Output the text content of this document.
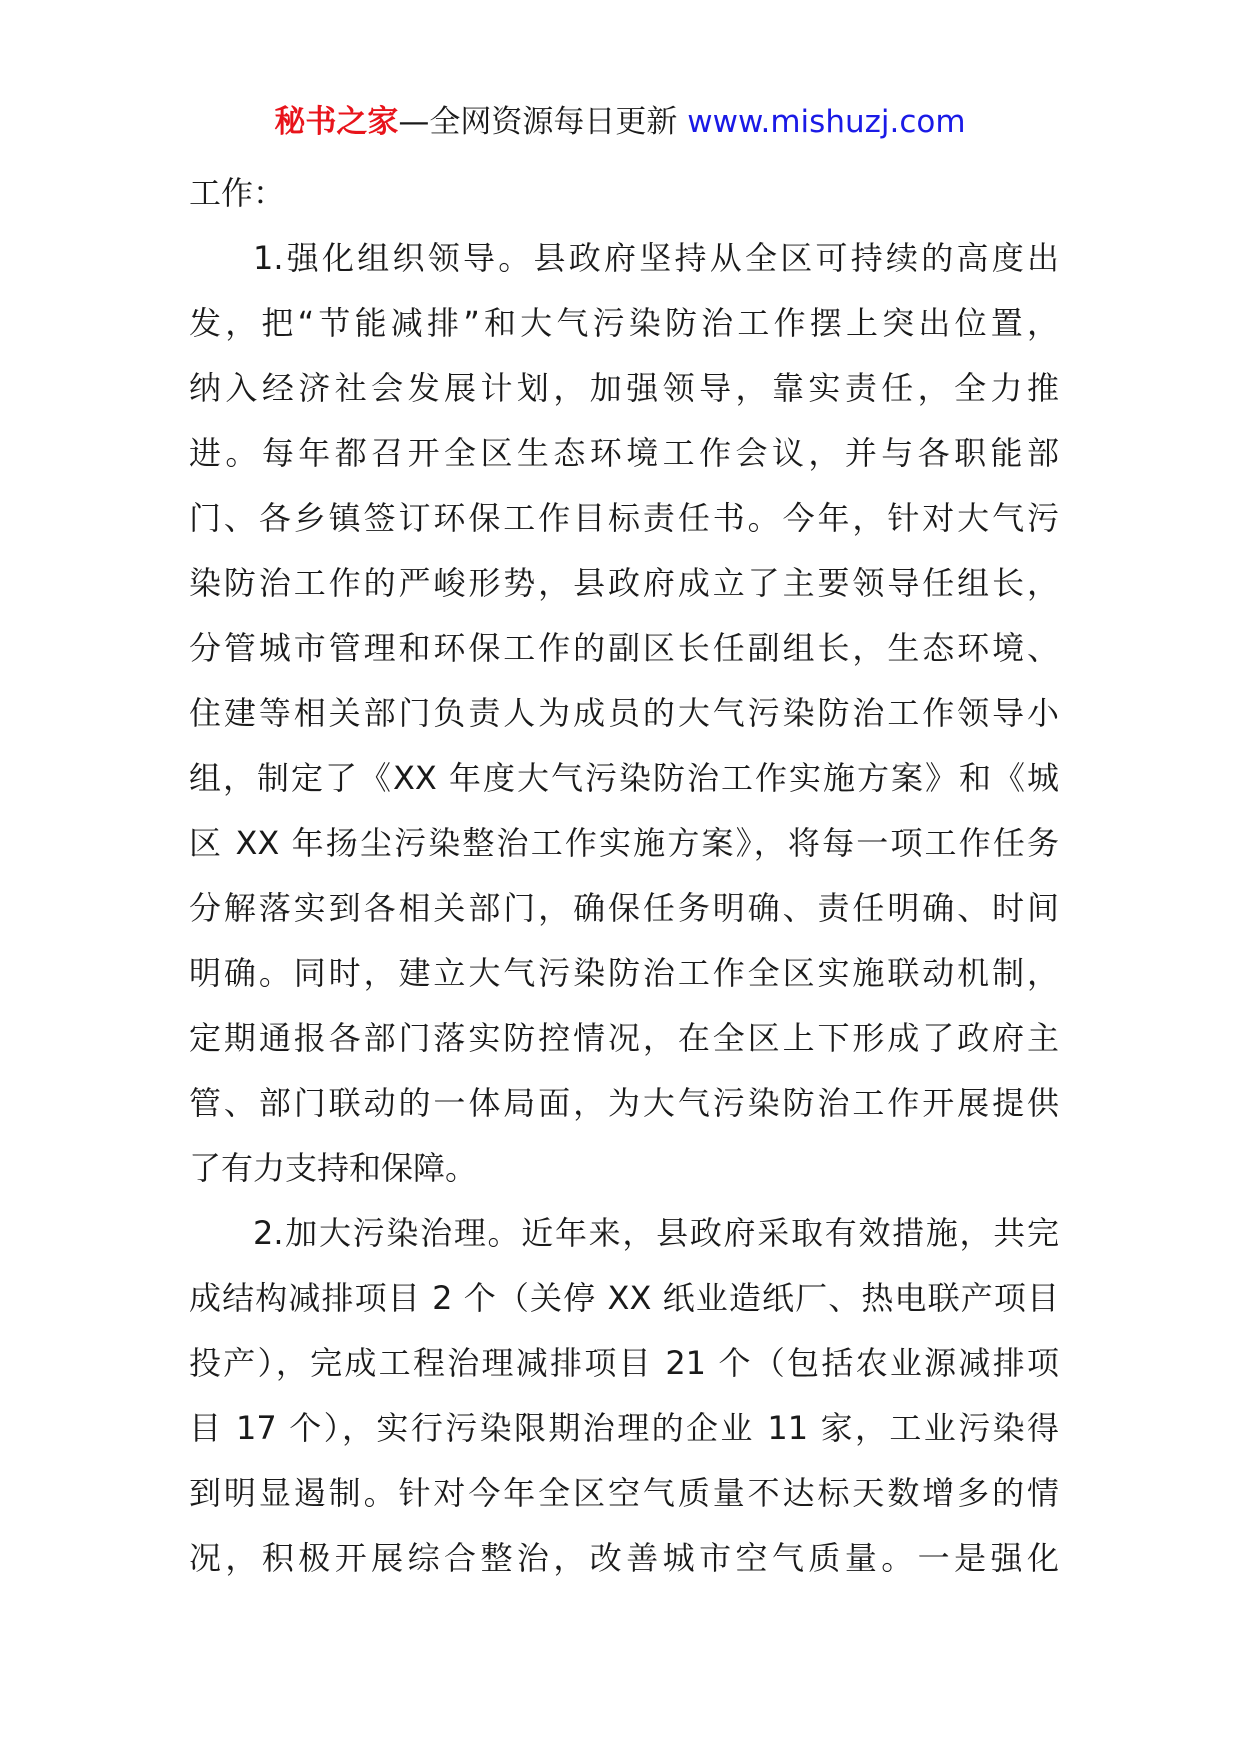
秘书之家—全网资源每日更新 www.mishuzj.com
工作：
1.强化组织领导。县政府坚持从全区可持续的高度出
发，把“节能减排”和大气污染防治工作摆上突出位置，
纳入经济社会发展计划，加强领导，靠实责任，全力推
进。每年都召开全区生态环境工作会议，并与各职能部
门、各乡镇签订环保工作目标责任书。今年，针对大气污
染防治工作的严峻形势，县政府成立了主要领导任组长，
分管城市管理和环保工作的副区长任副组长，生态环境、
住建等相关部门负责人为成员的大气污染防治工作领导小
组，制定了《XX 年度大气污染防治工作实施方案》和《城
区 XX 年扬尘污染整治工作实施方案》，将每一项工作任务
分解落实到各相关部门，确保任务明确、责任明确、时间
明确。同时，建立大气污染防治工作全区实施联动机制，
定期通报各部门落实防控情况，在全区上下形成了政府主
管、部门联动的一体局面，为大气污染防治工作开展提供
了有力支持和保障。
2.加大污染治理。近年来，县政府采取有效措施，共完
成结构减排项目 2 个（关停 XX 纸业造纸厂、热电联产项目
投产），完成工程治理减排项目 21 个（包括农业源减排项
目 17 个），实行污染限期治理的企业 11 家，工业污染得
到明显遏制。针对今年全区空气质量不达标天数增多的情
况，积极开展综合整治，改善城市空气质量。一是强化
